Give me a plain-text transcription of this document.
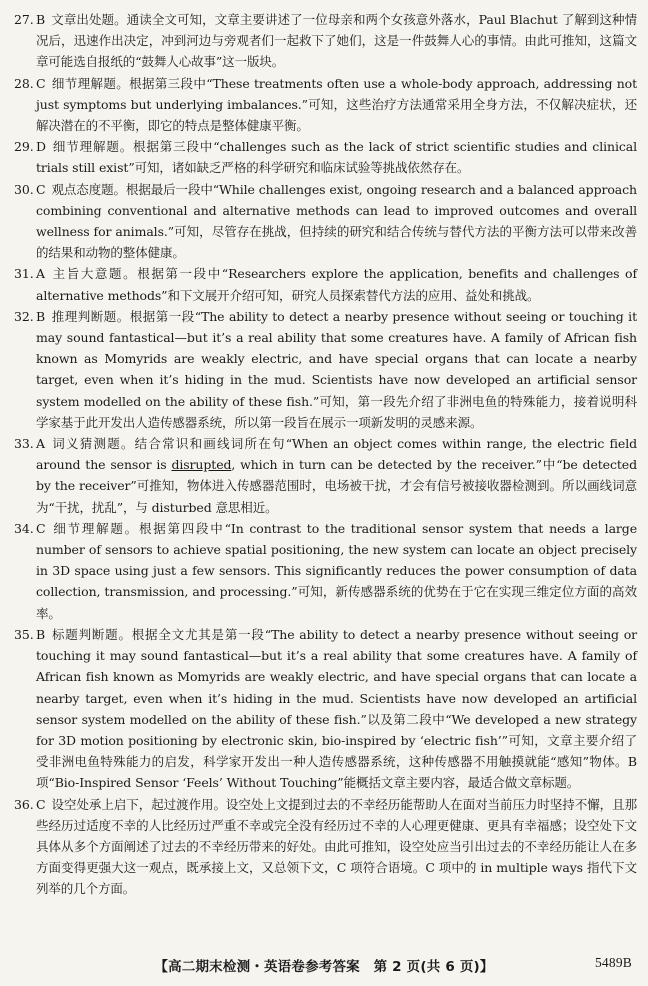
27. B 文章出处题。通读全文可知，文章主要讲述了一位母亲和两个女孩意外落水，Paul Blachut 了解到这种情况后，迅速作出决定，冲到河边与旁观者们一起救下了她们，这是一件鼓舞人心的事情。由此可推知，这篇文章可能选自报纸的“鼓舞人心故事”这一版块。

28. C 细节理解题。根据第三段中“These treatments often use a whole-body approach, addressing not just symptoms but underlying imbalances.”可知，这些治疗方法通常采用全身方法，不仅解决症状，还解决潜在的不平衡，即它的特点是整体健康平衡。

29. D 细节理解题。根据第三段中“challenges such as the lack of strict scientific studies and clinical trials still exist”可知，诸如缺乏严格的科学研究和临床试验等挑战依然存在。

30. C 观点态度题。根据最后一段中“While challenges exist, ongoing research and a balanced approach combining conventional and alternative methods can lead to improved outcomes and overall wellness for animals.”可知，尽管存在挑战，但持续的研究和结合传统与替代方法的平衡方法可以带来改善的结果和动物的整体健康。

31. A 主旨大意题。根据第一段中“Researchers explore the application, benefits and challenges of alternative methods”和下文展开介绍可知，研究人员探索替代方法的应用、益处和挑战。

32. B 推理判断题。根据第一段“The ability to detect a nearby presence without seeing or touching it may sound fantastical—but it’s a real ability that some creatures have. A family of African fish known as Momyrids are weakly electric, and have special organs that can locate a nearby target, even when it’s hiding in the mud. Scientists have now developed an artificial sensor system modelled on the ability of these fish.”可知，第一段先介绍了非洲电鱼的特殊能力，接着说明科学家基于此开发出人造传感器系统，所以第一段旨在展示一项新发明的灵感来源。

33. A 词义猜测题。结合常识和画线词所在句“When an object comes within range, the electric field around the sensor is disrupted, which in turn can be detected by the receiver.”中“be detected by the receiver”可推知，物体进入传感器范围时，电场被干扰，才会有信号被接收器检测到。所以画线词意为“干扰，扰乱”，与 disturbed 意思相近。

34. C 细节理解题。根据第四段中“In contrast to the traditional sensor system that needs a large number of sensors to achieve spatial positioning, the new system can locate an object precisely in 3D space using just a few sensors. This significantly reduces the power consumption of data collection, transmission, and processing.”可知，新传感器系统的优势在于它在实现三维定位方面的高效率。

35. B 标题判断题。根据全文尤其是第一段“The ability to detect a nearby presence without seeing or touching it may sound fantastical—but it’s a real ability that some creatures have. A family of African fish known as Momyrids are weakly electric, and have special organs that can locate a nearby target, even when it’s hiding in the mud. Scientists have now developed an artificial sensor system modelled on the ability of these fish.”以及第二段中“We developed a new strategy for 3D motion positioning by electronic skin, bio-inspired by ‘electric fish’”可知，文章主要介绍了受非洲电鱼特殊能力的启发，科学家开发出一种人造传感器系统，这种传感器不用触摸就能“感知”物体。B 项“Bio-Inspired Sensor ‘Feels’ Without Touching”能概括文章主要内容，最适合做文章标题。

36. C 设空处承上启下，起过渡作用。设空处上文提到过去的不幸经历能帮助人在面对当前压力时坚持不懈，且那些经历过适度不幸的人比经历过严重不幸或完全没有经历过不幸的人心理更健康、更具有幸福感；设空处下文具体从多个方面阐述了过去的不幸经历带来的好处。由此可推知，设空处应当引出过去的不幸经历能让人在多方面变得更强大这一观点，既承接上文，又总领下文，C 项符合语境。C 项中的 in multiple ways 指代下文列举的几个方面。

【高二期末检测・英语卷参考答案　第 2 页(共 6 页)】	5489B
